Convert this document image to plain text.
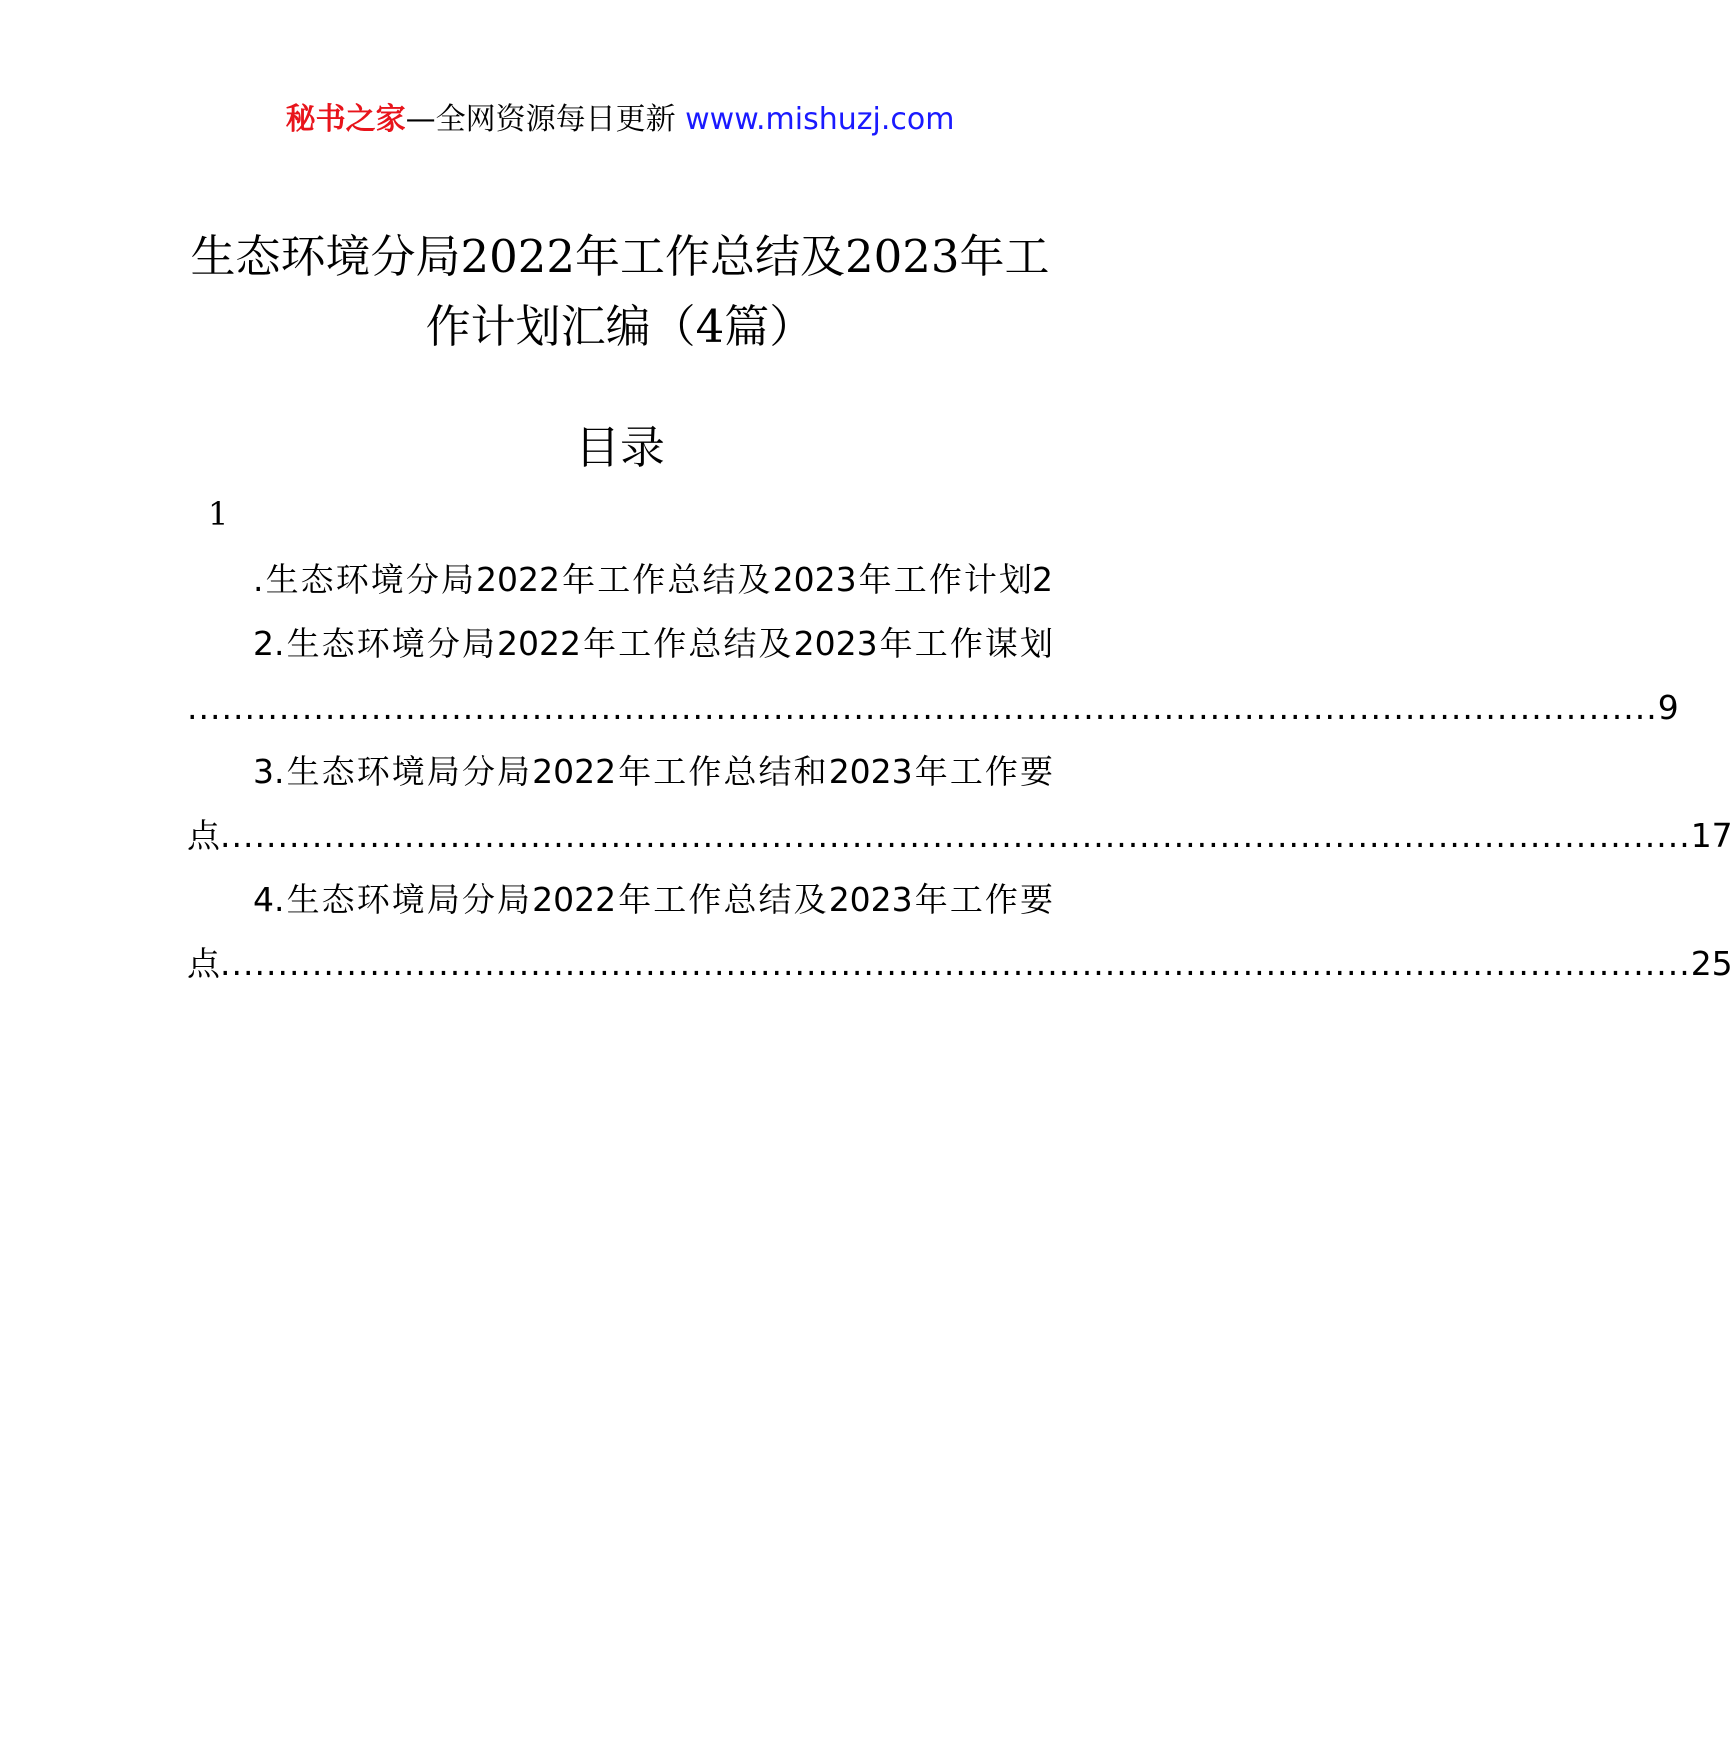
秘书之家—全网资源每日更新 www.mishuzj.com
生态环境分局2022年工作总结及2023年工
作计划汇编（4篇）
目录
1
.生态环境分局2022年工作总结及2023年工作计划 2
2.生态环境分局2022年工作总结及2023年工作谋划
................................................................................................................................ 9
3.生态环境局分局2022年工作总结和2023年工作要
点 ................................................................................................................................ 17
4.生态环境局分局2022年工作总结及2023年工作要
点 ................................................................................................................................ 25
